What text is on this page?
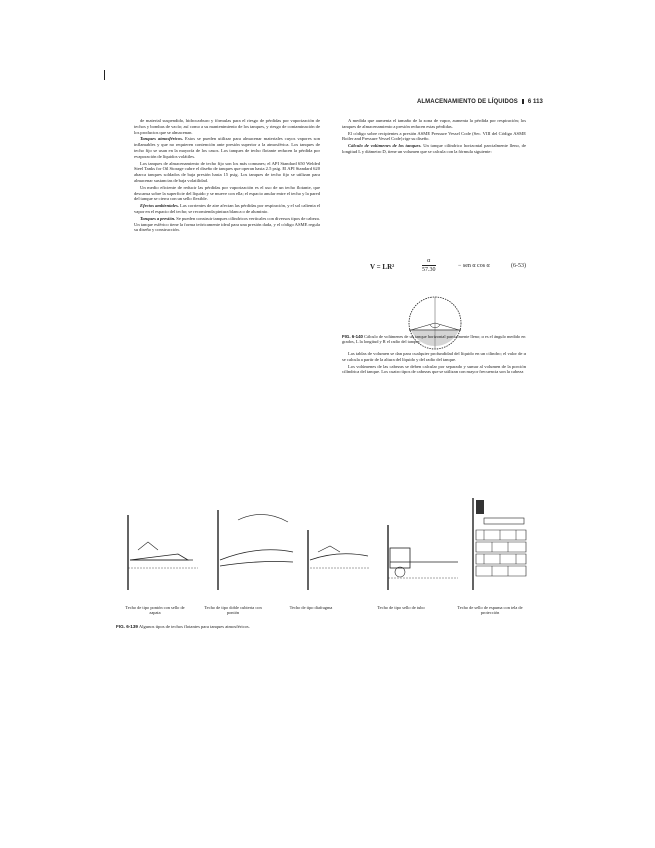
ALMACENAMIENTO DE LÍQUIDOS 6 113

de material suspendido, hidrocarburo y fórmulas para el riesgo de pérdidas por vaporización de techos y bombas de vacío; así como a su mantenimiento de los tanques, y riesgo de contaminación de los productos que se almacenan.

Tanques atmosféricos. Estos se pueden utilizar para almacenar materiales cuyos vapores son inflamables y que no requieren contención ante presión superior a la atmosférica. Los tanques de techo fijo se usan en la mayoría de los casos. Los tanques de techo flotante reducen la pérdida por evaporación de líquidos volátiles.

Los tanques de almacenamiento de techo fijo son los más comunes; el API Standard 650 Welded Steel Tanks for Oil Storage cubre el diseño de tanques que operan hasta 2.5 psig. El API Standard 620 abarca tanques soldados de baja presión hasta 15 psig. Los tanques de techo fijo se utilizan para almacenar sustancias de baja volatilidad.

Un medio eficiente de reducir las pérdidas por vaporización es el uso de un techo flotante, que descansa sobre la superficie del líquido y se mueve con ella; el espacio anular entre el techo y la pared del tanque se cierra con un sello flexible.

Efectos ambientales. Las corrientes de aire afectan las pérdidas por respiración, y el sol calienta el vapor en el espacio del techo; se recomienda pintura blanca o de aluminio.

Tanques a presión. Se pueden construir tanques cilíndricos verticales con diversos tipos de cabeza. Un tanque esférico tiene la forma teóricamente ideal para una presión dada, y el código ASME regula su diseño y construcción.

A medida que aumenta el tamaño de la zona de vapor, aumenta la pérdida por respiración; los tanques de almacenamiento a presión reducen estas pérdidas.

El código sobre recipientes a presión ASME Pressure Vessel Code (Sec. VIII del Código ASME Boiler and Pressure Vessel Code) rige su diseño.

Cálculo de volúmenes de los tanques. Un tanque cilíndrico horizontal parcialmente lleno, de longitud L y diámetro D, tiene un volumen que se calcula con la fórmula siguiente:

V = LR²
α
57.30
− sen α cos α	(6-53)
FIG. 6-140 Cálculo de volúmenes de un tanque horizontal parcialmente lleno; α es el ángulo medido en grados, L la longitud y R el radio del tanque.

Las tablas de volumen se dan para cualquier profundidad del líquido en un cilindro; el valor de α se calcula a partir de la altura del líquido y del radio del tanque.

Los volúmenes de las cabezas se deben calcular por separado y sumar al volumen de la porción cilíndrica del tanque. Los cuatro tipos de cabezas que se utilizan con mayor frecuencia son la cabeza

Techo de tipo pontón con sello de zapata
Techo de tipo doble cubierta con pontón
Techo de tipo diafragma	Techo de tipo sello de tubo	Techo de sello de espuma con tela de protección
FIG. 6-139 Algunos tipos de techos flotantes para tanques atmosféricos.
